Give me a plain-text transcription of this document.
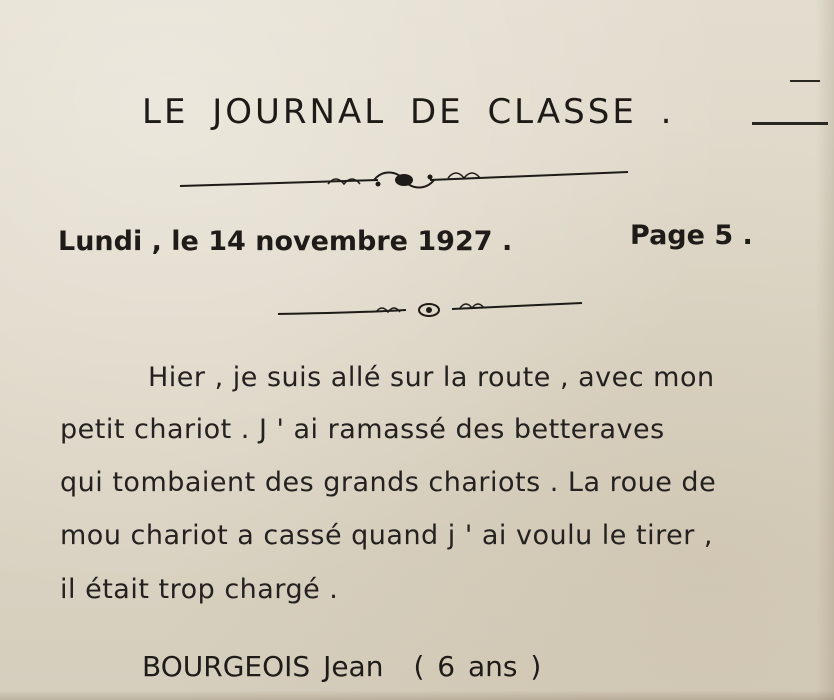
LE JOURNAL DE CLASSE .
Lundi , le 14 novembre 1927 .	Page 5 .
Hier , je suis allé sur la route , avec mon
petit chariot . J ' ai ramassé des betteraves
qui tombaient des grands chariots . La roue de
mou chariot a cassé quand j ' ai voulu le tirer ,
il était trop chargé .
BOURGEOIS Jean ( 6 ans )
